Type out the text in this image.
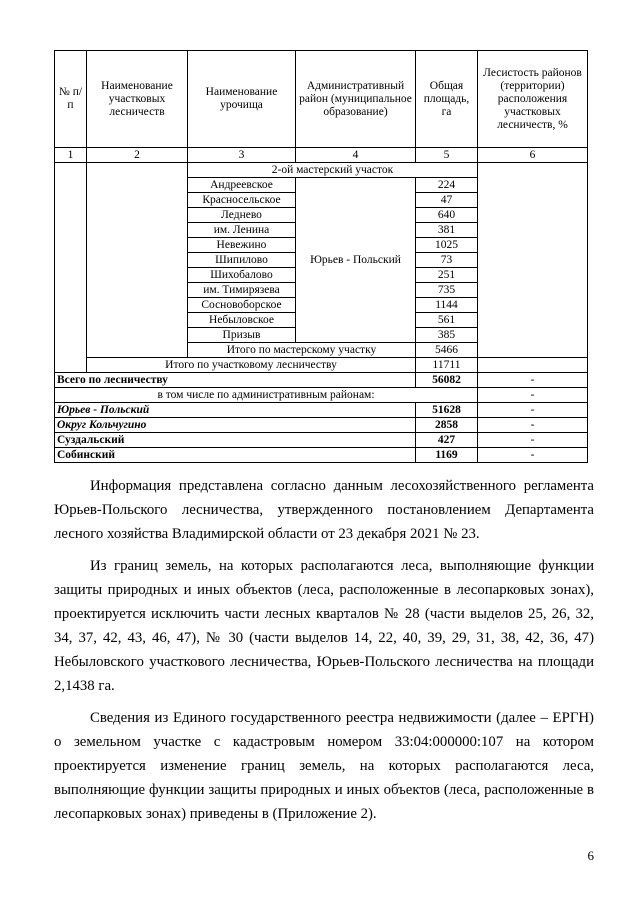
№ п/п	Наименование участковых лесничеств	Наименование урочища	Административный район (муниципальное образование)	Общая площадь, га	Лесистость районов (территории) расположения участковых лесничеств, %
1	2	3	4	5	6
		2-ой мастерский участок			
		Андреевское	Юрьев - Польский	224	
		Красносельское		47	
		Леднево		640	
		им. Ленина		381	
		Невежино		1025	
		Шипилово		73	
		Шихобалово		251	
		им. Тимирязева		735	
		Сосновоборское		1144	
		Небыловское		561	
		Призыв		385	
		Итого по мастерскому участку		5466	
	Итого по участковому лесничеству			11711	
Всего по лесничеству				56082	-
в том числе по административным районам:					-
Юрьев - Польский				51628	-
Округ Кольчугино				2858	-
Суздальский				427	-
Собинский				1169	-

Информация представлена согласно данным лесохозяйственного регламента Юрьев-Польского лесничества, утвержденного постановлением Департамента лесного хозяйства Владимирской области от 23 декабря 2021 № 23.

Из границ земель, на которых располагаются леса, выполняющие функции защиты природных и иных объектов (леса, расположенные в лесопарковых зонах), проектируется исключить части лесных кварталов № 28 (части выделов 25, 26, 32, 34, 37, 42, 43, 46, 47), № 30 (части выделов 14, 22, 40, 39, 29, 31, 38, 42, 36, 47) Небыловского участкового лесничества, Юрьев-Польского лесничества на площади 2,1438 га.

Сведения из Единого государственного реестра недвижимости (далее – ЕРГН) о земельном участке с кадастровым номером 33:04:000000:107 на котором проектируется изменение границ земель, на которых располагаются леса, выполняющие функции защиты природных и иных объектов (леса, расположенные в лесопарковых зонах) приведены в (Приложение 2).

6
